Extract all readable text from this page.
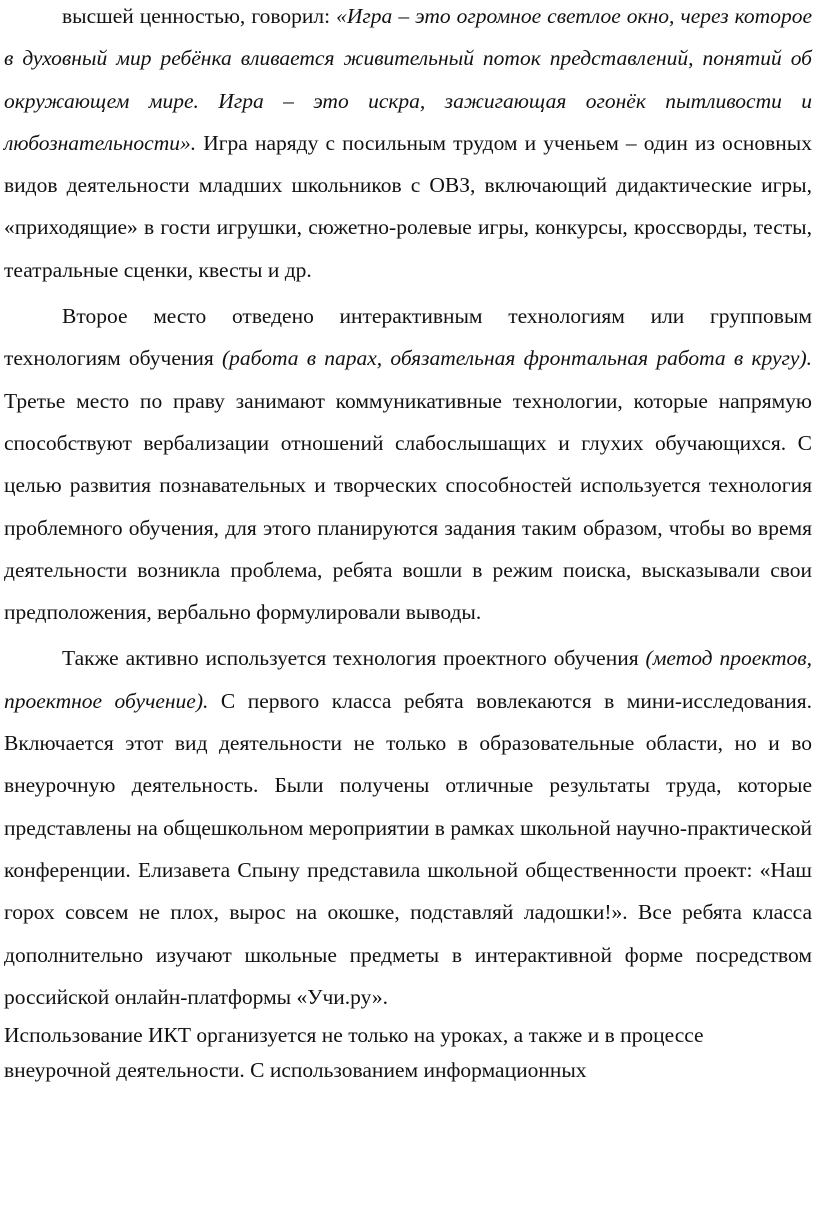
высшей ценностью, говорил: «Игра – это огромное светлое окно, через которое в духовный мир ребёнка вливается живительный поток представлений, понятий об окружающем мире. Игра – это искра, зажигающая огонёк пытливости и любознательности». Игра наряду с посильным трудом и ученьем – один из основных видов деятельности младших школьников с ОВЗ, включающий дидактические игры, «приходящие» в гости игрушки, сюжетно-ролевые игры, конкурсы, кроссворды, тесты, театральные сценки, квесты и др.

Второе место отведено интерактивным технологиям или групповым технологиям обучения (работа в парах, обязательная фронтальная работа в кругу). Третье место по праву занимают коммуникативные технологии, которые напрямую способствуют вербализации отношений слабослышащих и глухих обучающихся. С целью развития познавательных и творческих способностей используется технология проблемного обучения, для этого планируются задания таким образом, чтобы во время деятельности возникла проблема, ребята вошли в режим поиска, высказывали свои предположения, вербально формулировали выводы.

Также активно используется технология проектного обучения (метод проектов, проектное обучение). С первого класса ребята вовлекаются в мини-исследования. Включается этот вид деятельности не только в образовательные области, но и во внеурочную деятельность. Были получены отличные результаты труда, которые представлены на общешкольном мероприятии в рамках школьной научно-практической конференции. Елизавета Спыну представила школьной общественности проект: «Наш горох совсем не плох, вырос на окошке, подставляй ладошки!». Все ребята класса дополнительно изучают школьные предметы в интерактивной форме посредством российской онлайн-платформы «Учи.ру».

Использование ИКТ организуется не только на уроках, а также и в процессе внеурочной деятельности. С использованием информационных
